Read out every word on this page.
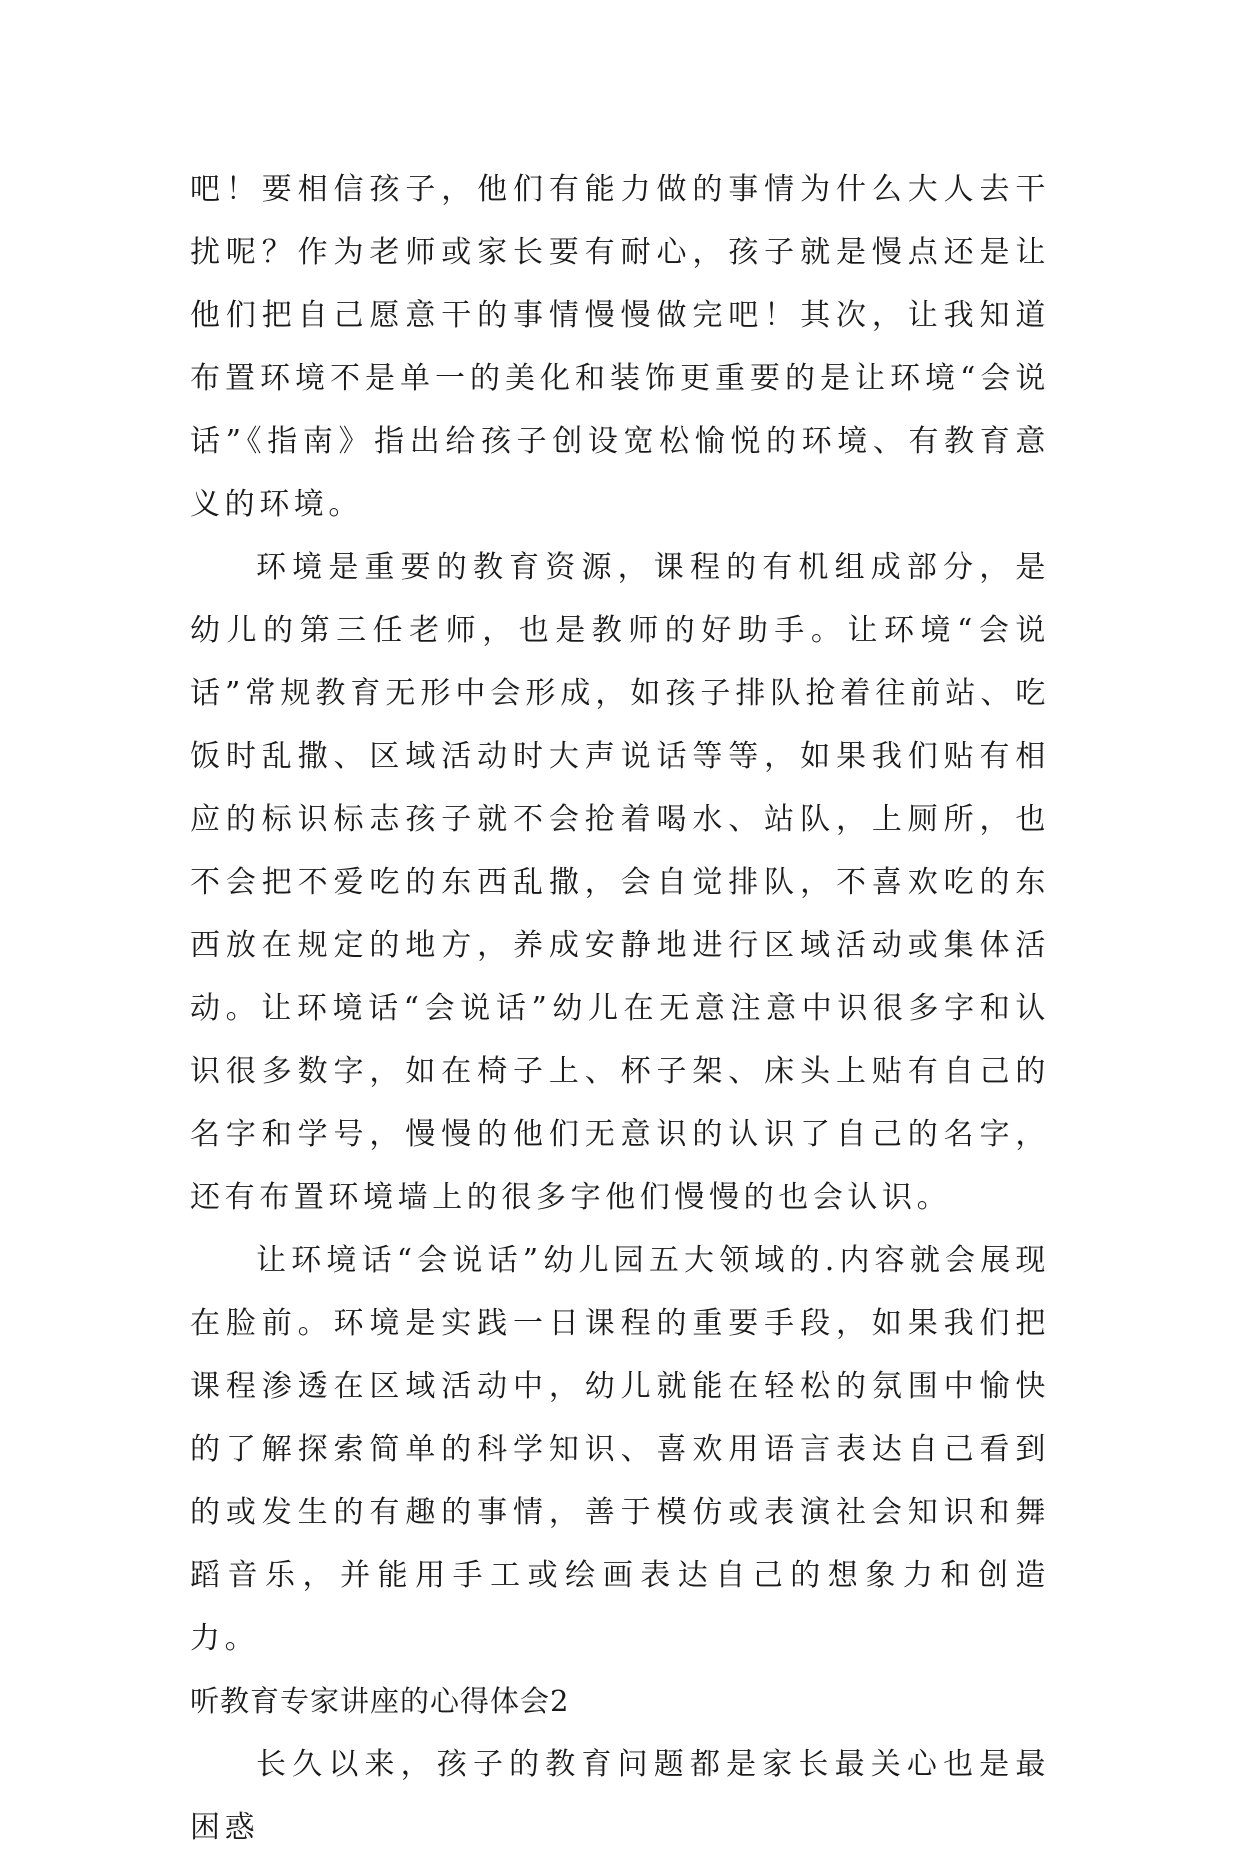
吧！要相信孩子，他们有能力做的事情为什么大人去干扰呢？作为老师或家长要有耐心，孩子就是慢点还是让他们把自己愿意干的事情慢慢做完吧！其次，让我知道布置环境不是单一的美化和装饰更重要的是让环境“会说话”《指南》指出给孩子创设宽松愉悦的环境、有教育意义的环境。

环境是重要的教育资源，课程的有机组成部分，是幼儿的第三任老师，也是教师的好助手。让环境“会说话”常规教育无形中会形成，如孩子排队抢着往前站、吃饭时乱撒、区域活动时大声说话等等，如果我们贴有相应的标识标志孩子就不会抢着喝水、站队，上厕所，也不会把不爱吃的东西乱撒，会自觉排队，不喜欢吃的东西放在规定的地方，养成安静地进行区域活动或集体活动。让环境话“会说话”幼儿在无意注意中识很多字和认识很多数字，如在椅子上、杯子架、床头上贴有自己的名字和学号，慢慢的他们无意识的认识了自己的名字，还有布置环境墙上的很多字他们慢慢的也会认识。

让环境话“会说话”幼儿园五大领域的.内容就会展现在脸前。环境是实践一日课程的重要手段，如果我们把课程渗透在区域活动中，幼儿就能在轻松的氛围中愉快的了解探索简单的科学知识、喜欢用语言表达自己看到的或发生的有趣的事情，善于模仿或表演社会知识和舞蹈音乐，并能用手工或绘画表达自己的想象力和创造力。

听教育专家讲座的心得体会2

长久以来，孩子的教育问题都是家长最关心也是最困惑
